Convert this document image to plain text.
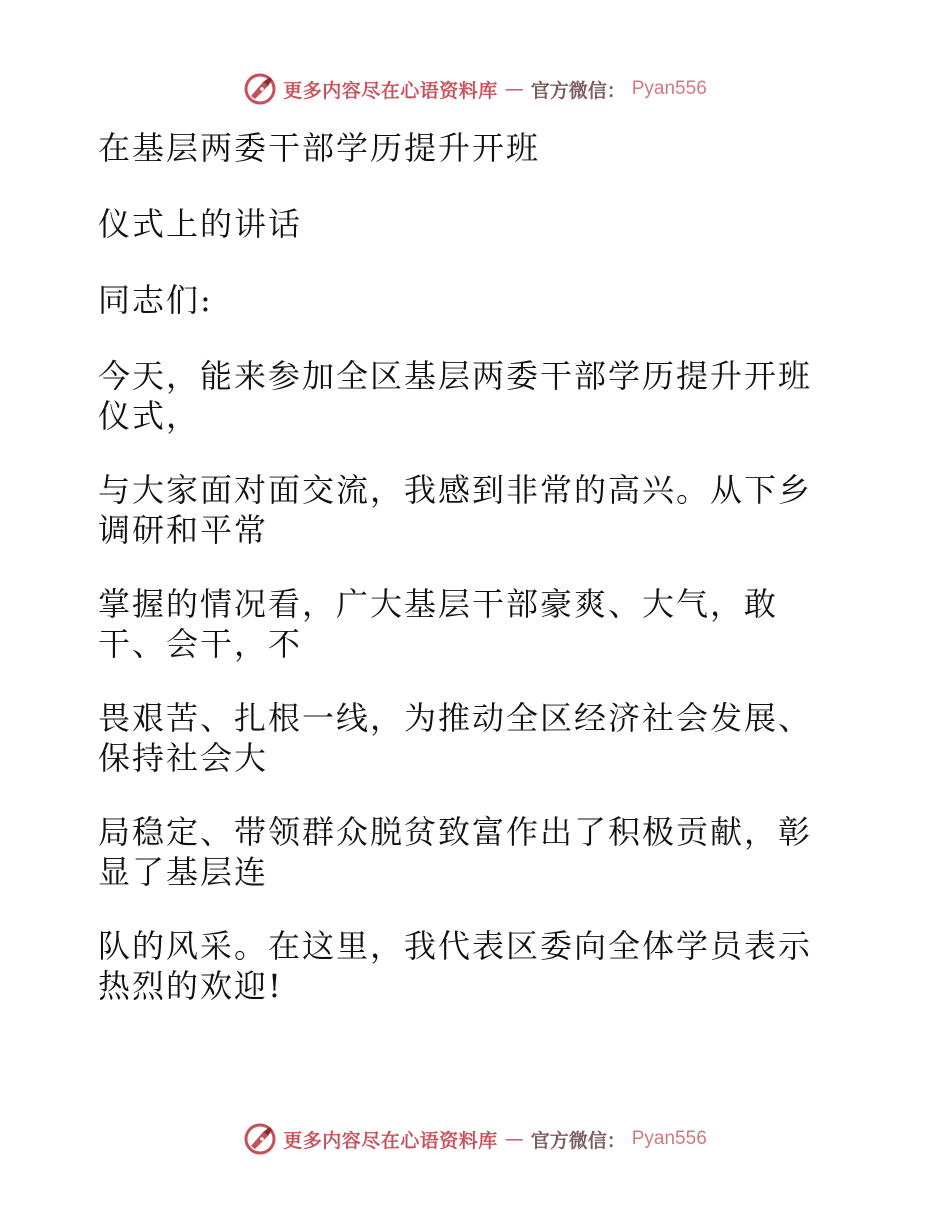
更多内容尽在心语资料库 — 官方微信： Pyan556

在基层两委干部学历提升开班

仪式上的讲话

同志们:

今天，能来参加全区基层两委干部学历提升开班
仪式，

与大家面对面交流，我感到非常的高兴。从下乡
调研和平常

掌握的情况看，广大基层干部豪爽、大气，敢
干、会干，不

畏艰苦、扎根一线，为推动全区经济社会发展、
保持社会大

局稳定、带领群众脱贫致富作出了积极贡献，彰
显了基层连

队的风采。在这里，我代表区委向全体学员表示
热烈的欢迎!

更多内容尽在心语资料库 — 官方微信： Pyan556
